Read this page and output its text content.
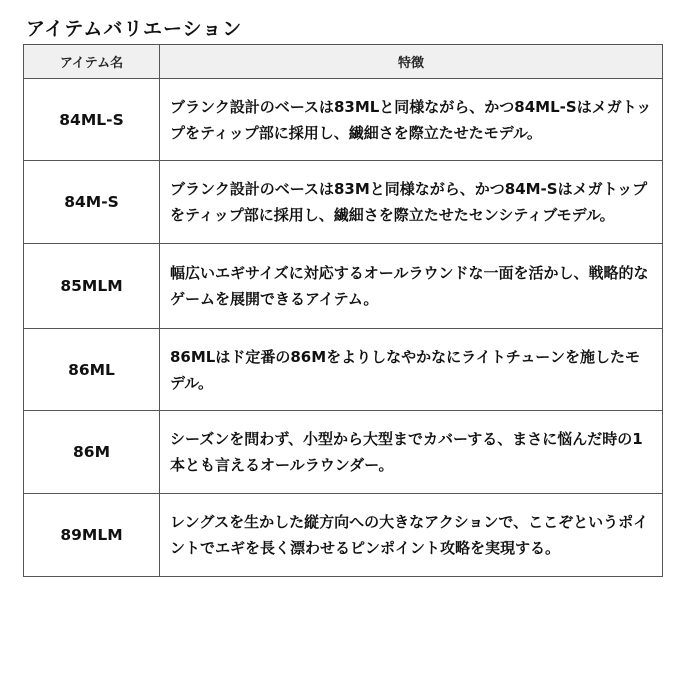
アイテムバリエーション
アイテム名	特徴
84ML-S	ブランク設計のベースは83MLと同様ながら、かつ84ML-Sはメガトップをティップ部に採用し、繊細さを際立たせたモデル。
84M-S	ブランク設計のベースは83Mと同様ながら、かつ84M-Sはメガトップをティップ部に採用し、繊細さを際立たせたセンシティブモデル。
85MLM	幅広いエギサイズに対応するオールラウンドな一面を活かし、戦略的なゲームを展開できるアイテム。
86ML	86MLはド定番の86Mをよりしなやかなにライトチューンを施したモデル。
86M	シーズンを問わず、小型から大型までカバーする、まさに悩んだ時の1本とも言えるオールラウンダー。
89MLM	レングスを生かした縦方向への大きなアクションで、ここぞというポイントでエギを長く漂わせるピンポイント攻略を実現する。
